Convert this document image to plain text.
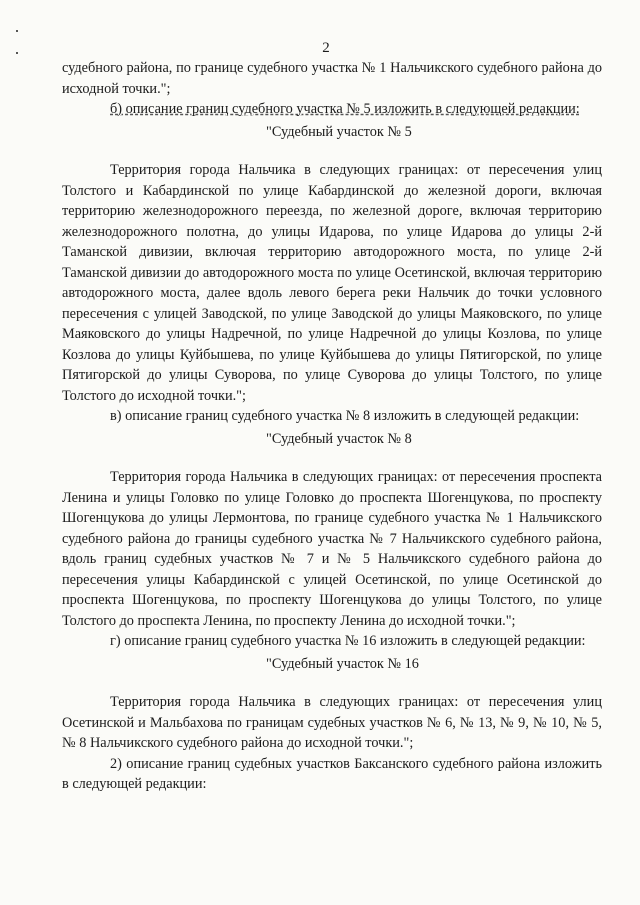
2

судебного района, по границе судебного участка № 1 Нальчикского судебного района до исходной точки.";

б) описание границ судебного участка № 5 изложить в следующей редакции:

"Судебный участок № 5

Территория города Нальчика в следующих границах: от пересечения улиц Толстого и Кабардинской по улице Кабардинской до железной дороги, включая территорию железнодорожного переезда, по железной дороге, включая территорию железнодорожного полотна, до улицы Идарова, по улице Идарова до улицы 2-й Таманской дивизии, включая территорию автодорожного моста, по улице 2-й Таманской дивизии до автодорожного моста по улице Осетинской, включая территорию автодорожного моста, далее вдоль левого берега реки Нальчик до точки условного пересечения с улицей Заводской, по улице Заводской до улицы Маяковского, по улице Маяковского до улицы Надречной, по улице Надречной до улицы Козлова, по улице Козлова до улицы Куйбышева, по улице Куйбышева до улицы Пятигорской, по улице Пятигорской до улицы Суворова, по улице Суворова до улицы Толстого, по улице Толстого до исходной точки.";

в) описание границ судебного участка № 8 изложить в следующей редакции:

"Судебный участок № 8

Территория города Нальчика в следующих границах: от пересечения проспекта Ленина и улицы Головко по улице Головко до проспекта Шогенцукова, по проспекту Шогенцукова до улицы Лермонтова, по границе судебного участка № 1 Нальчикского судебного района до границы судебного участка № 7 Нальчикского судебного района, вдоль границ судебных участков № 7 и № 5 Нальчикского судебного района до пересечения улицы Кабардинской с улицей Осетинской, по улице Осетинской до проспекта Шогенцукова, по проспекту Шогенцукова до улицы Толстого, по улице Толстого до проспекта Ленина, по проспекту Ленина до исходной точки.";

г) описание границ судебного участка № 16 изложить в следующей редакции:

"Судебный участок № 16

Территория города Нальчика в следующих границах: от пересечения улиц Осетинской и Мальбахова по границам судебных участков № 6, № 13, № 9, № 10, № 5, № 8 Нальчикского судебного района до исходной точки.";

2) описание границ судебных участков Баксанского судебного района изложить в следующей редакции:
